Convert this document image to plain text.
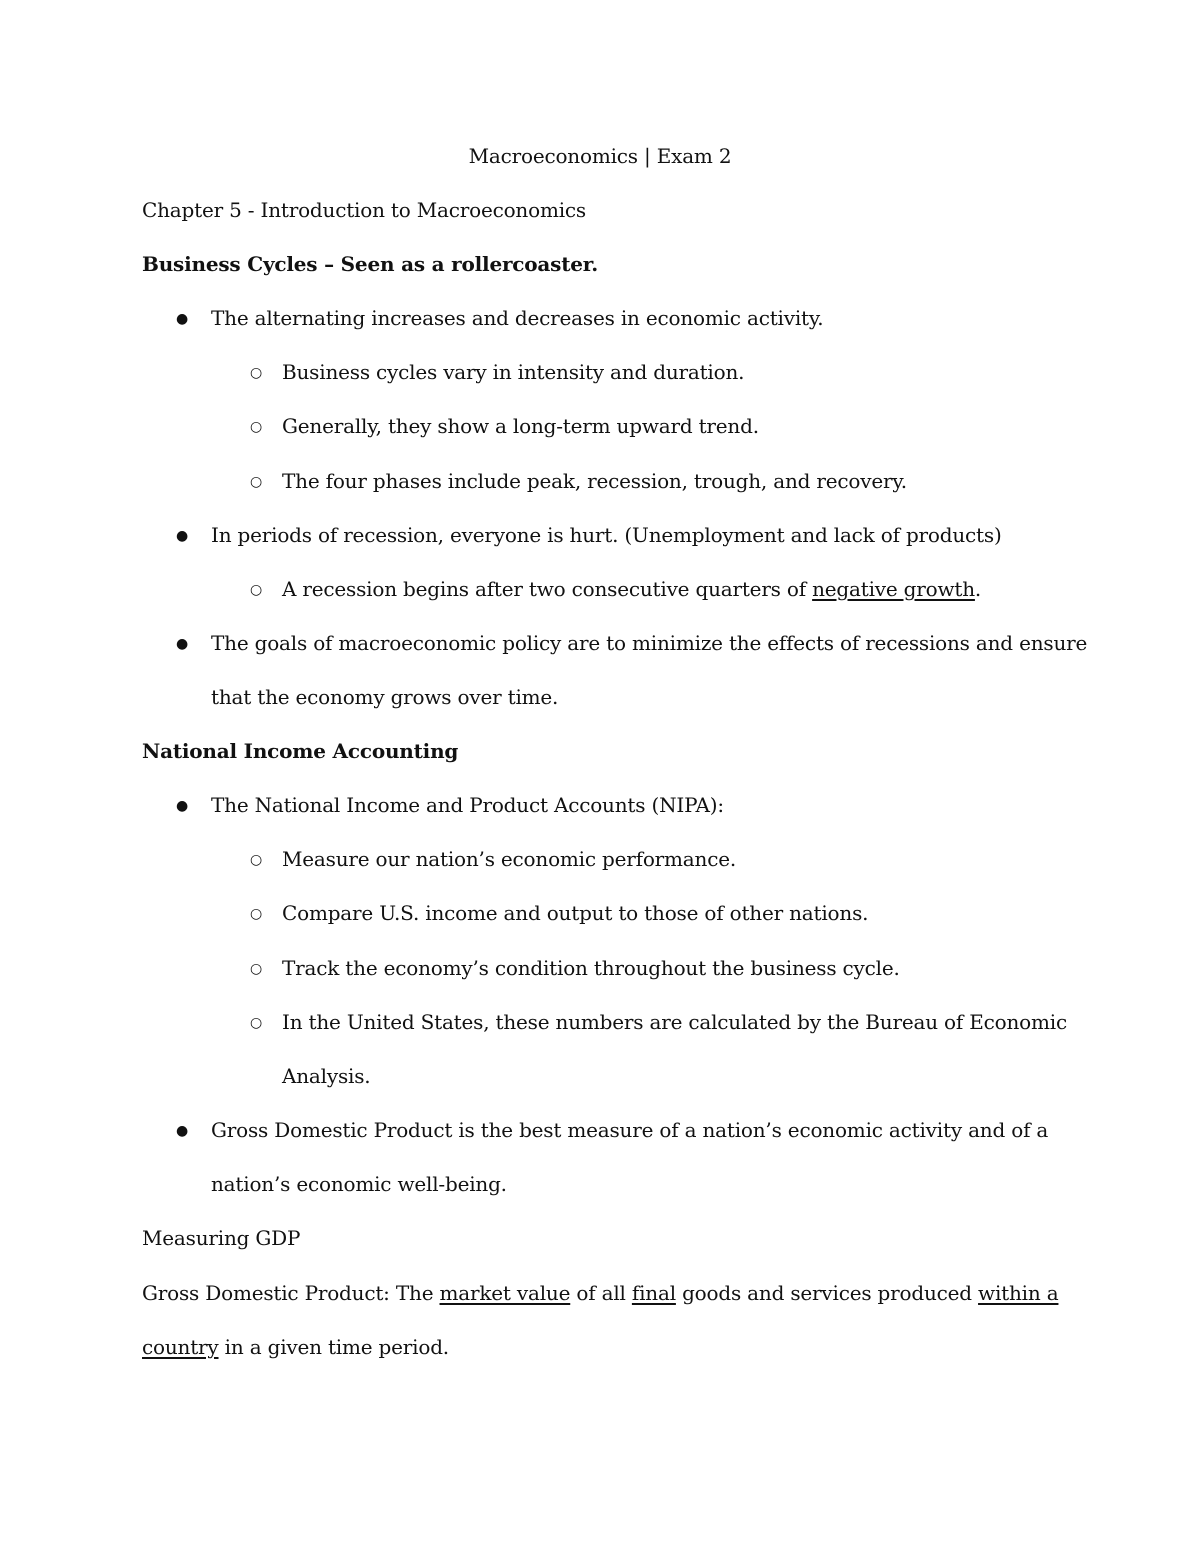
Macroeconomics | Exam 2
Chapter 5 - Introduction to Macroeconomics
Business Cycles – Seen as a rollercoaster.
● The alternating increases and decreases in economic activity.
○ Business cycles vary in intensity and duration.
○ Generally, they show a long-term upward trend.
○ The four phases include peak, recession, trough, and recovery.
● In periods of recession, everyone is hurt. (Unemployment and lack of products)
○ A recession begins after two consecutive quarters of negative growth.
● The goals of macroeconomic policy are to minimize the effects of recessions and ensure
that the economy grows over time.
National Income Accounting
● The National Income and Product Accounts (NIPA):
○ Measure our nation’s economic performance.
○ Compare U.S. income and output to those of other nations.
○ Track the economy’s condition throughout the business cycle.
○ In the United States, these numbers are calculated by the Bureau of Economic
Analysis.
● Gross Domestic Product is the best measure of a nation’s economic activity and of a
nation’s economic well-being.
Measuring GDP
Gross Domestic Product: The market value of all final goods and services produced within a
country in a given time period.
